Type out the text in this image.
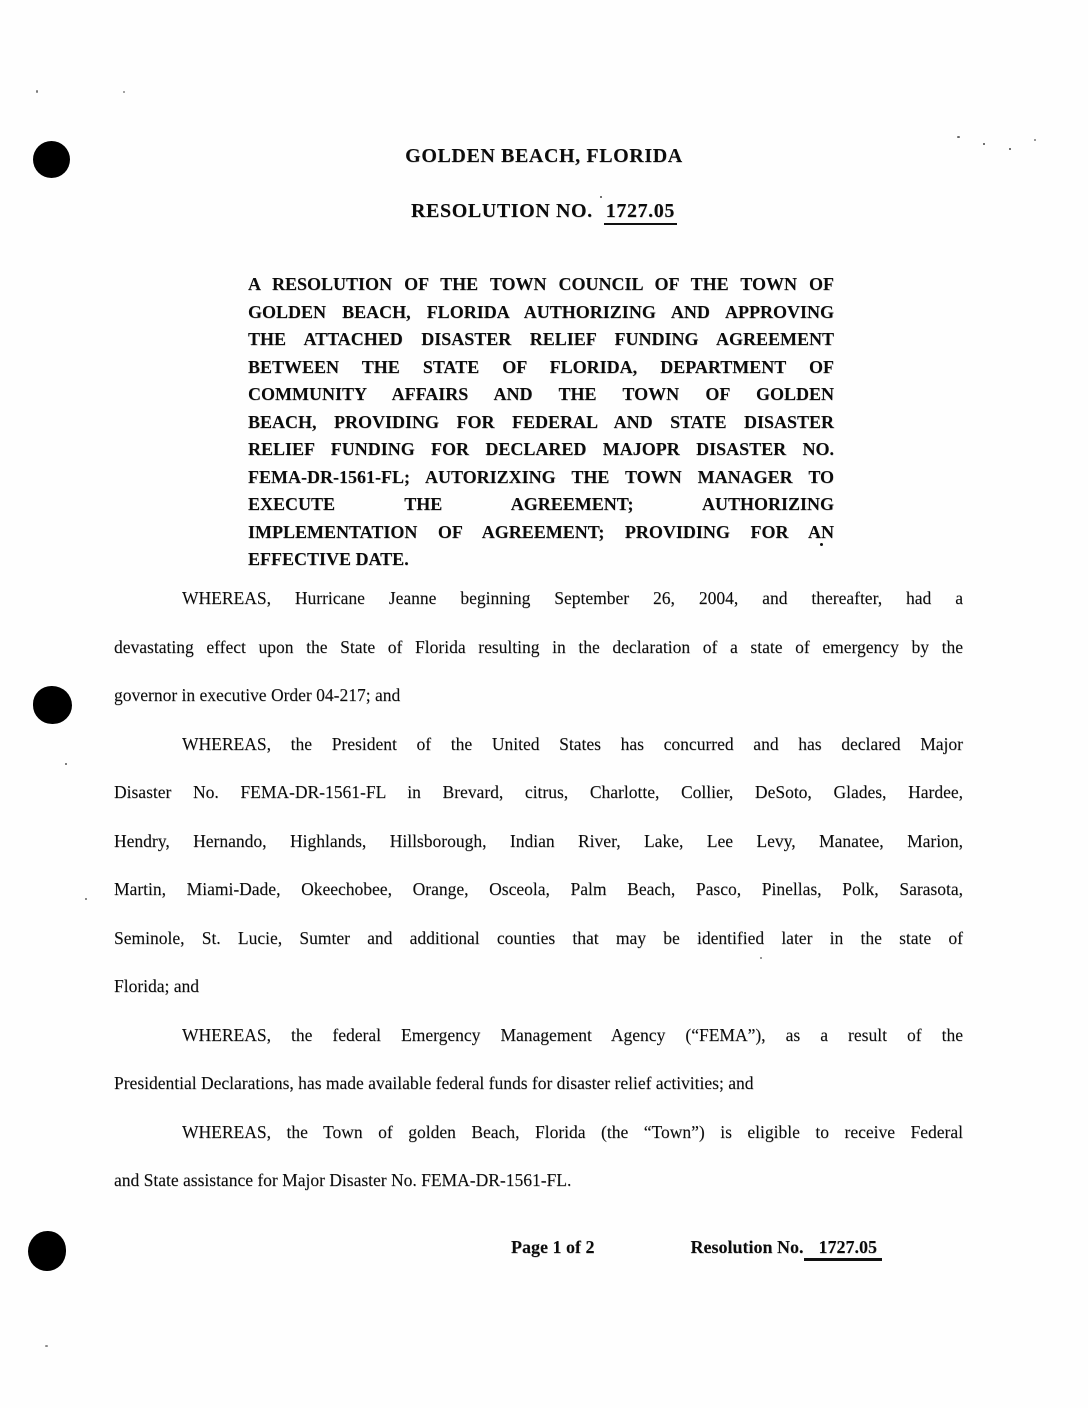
GOLDEN BEACH, FLORIDA
RESOLUTION NO. 1727.05
A RESOLUTION OF THE TOWN COUNCIL OF THE TOWN OF
GOLDEN BEACH, FLORIDA AUTHORIZING AND APPROVING
THE ATTACHED DISASTER RELIEF FUNDING AGREEMENT
BETWEEN THE STATE OF FLORIDA, DEPARTMENT OF
COMMUNITY AFFAIRS AND THE TOWN OF GOLDEN
BEACH, PROVIDING FOR FEDERAL AND STATE DISASTER
RELIEF FUNDING FOR DECLARED MAJOPR DISASTER NO.
FEMA-DR-1561-FL; AUTORIZXING THE TOWN MANAGER TO
EXECUTE THE AGREEMENT; AUTHORIZING
IMPLEMENTATION OF AGREEMENT; PROVIDING FOR AN
EFFECTIVE DATE.
WHEREAS, Hurricane Jeanne beginning September 26, 2004, and thereafter, had a
devastating effect upon the State of Florida resulting in the declaration of a state of emergency by the
governor in executive Order 04-217; and
WHEREAS, the President of the United States has concurred and has declared Major
Disaster No. FEMA-DR-1561-FL in Brevard, citrus, Charlotte, Collier, DeSoto, Glades, Hardee,
Hendry, Hernando, Highlands, Hillsborough, Indian River, Lake, Lee Levy, Manatee, Marion,
Martin, Miami-Dade, Okeechobee, Orange, Osceola, Palm Beach, Pasco, Pinellas, Polk, Sarasota,
Seminole, St. Lucie, Sumter and additional counties that may be identified later in the state of
Florida; and
WHEREAS, the federal Emergency Management Agency (“FEMA”), as a result of the
Presidential Declarations, has made available federal funds for disaster relief activities; and
WHEREAS, the Town of golden Beach, Florida (the “Town”) is eligible to receive Federal
and State assistance for Major Disaster No. FEMA-DR-1561-FL.
Page 1 of 2	Resolution No. 1727.05
